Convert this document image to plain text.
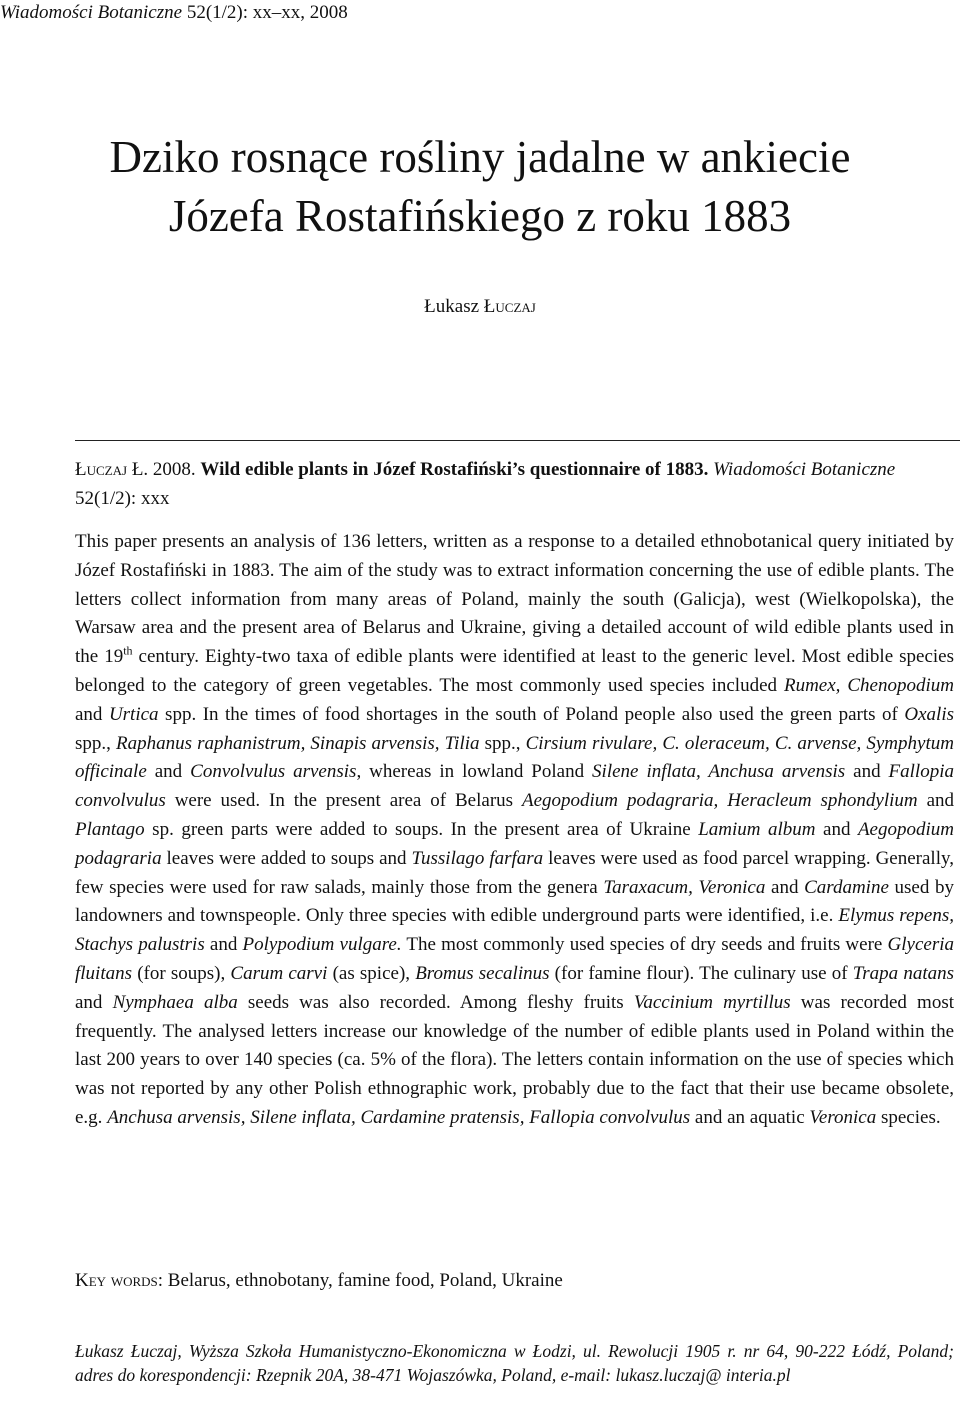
Wiadomości Botaniczne 52(1/2): xx–xx, 2008
Dziko rosnące rośliny jadalne w ankiecie
Józefa Rostafińskiego z roku 1883
Łukasz Łuczaj
Łuczaj Ł. 2008. Wild edible plants in Józef Rostafiński’s questionnaire of 1883. Wiadomości Botaniczne 52(1/2): xxx

This paper presents an analysis of 136 letters, written as a response to a detailed ethnobotanical query initiated by Józef Rostafiński in 1883. The aim of the study was to extract information concerning the use of edible plants. The letters collect information from many areas of Poland, mainly the south (Galicja), west (Wielkopolska), the Warsaw area and the present area of Belarus and Ukraine, giving a detailed account of wild edible plants used in the 19th century. Eighty-two taxa of edible plants were identified at least to the generic level. Most edible species belonged to the category of green vegetables. The most commonly used species included Rumex, Chenopodium and Urtica spp. In the times of food shortages in the south of Poland people also used the green parts of Oxalis spp., Raphanus raphanistrum, Sinapis arvensis, Tilia spp., Cirsium rivulare, C. oleraceum, C. arvense, Symphytum officinale and Convolvulus arvensis, whereas in lowland Poland Silene inflata, Anchusa arvensis and Fallopia convolvulus were used. In the present area of Belarus Aegopodium podagraria, Heracleum sphondylium and Plantago sp. green parts were added to soups. In the present area of Ukraine Lamium album and Aegopodium podagraria leaves were added to soups and Tussilago farfara leaves were used as food parcel wrapping. Generally, few species were used for raw salads, mainly those from the genera Taraxacum, Veronica and Cardamine used by landowners and townspeople. Only three species with edible underground parts were identified, i.e. Elymus repens, Stachys palustris and Polypodium vulgare. The most commonly used species of dry seeds and fruits were Glyceria fluitans (for soups), Carum carvi (as spice), Bromus secalinus (for famine flour). The culinary use of Trapa natans and Nymphaea alba seeds was also recorded. Among fleshy fruits Vaccinium myrtillus was recorded most frequently. The analysed letters increase our knowledge of the number of edible plants used in Poland within the last 200 years to over 140 species (ca. 5% of the flora). The letters contain information on the use of species which was not reported by any other Polish ethnographic work, probably due to the fact that their use became obsolete, e.g. Anchusa arvensis, Silene inflata, Cardamine pratensis, Fallopia convolvulus and an aquatic Veronica species.

Key words: Belarus, ethnobotany, famine food, Poland, Ukraine
Łukasz Łuczaj, Wyższa Szkoła Humanistyczno-Ekonomiczna w Łodzi, ul. Rewolucji 1905 r. nr 64, 90-222 Łódź, Poland; adres do korespondencji: Rzepnik 20A, 38-471 Wojaszówka, Poland, e-mail: lukasz.luczaj@ interia.pl
